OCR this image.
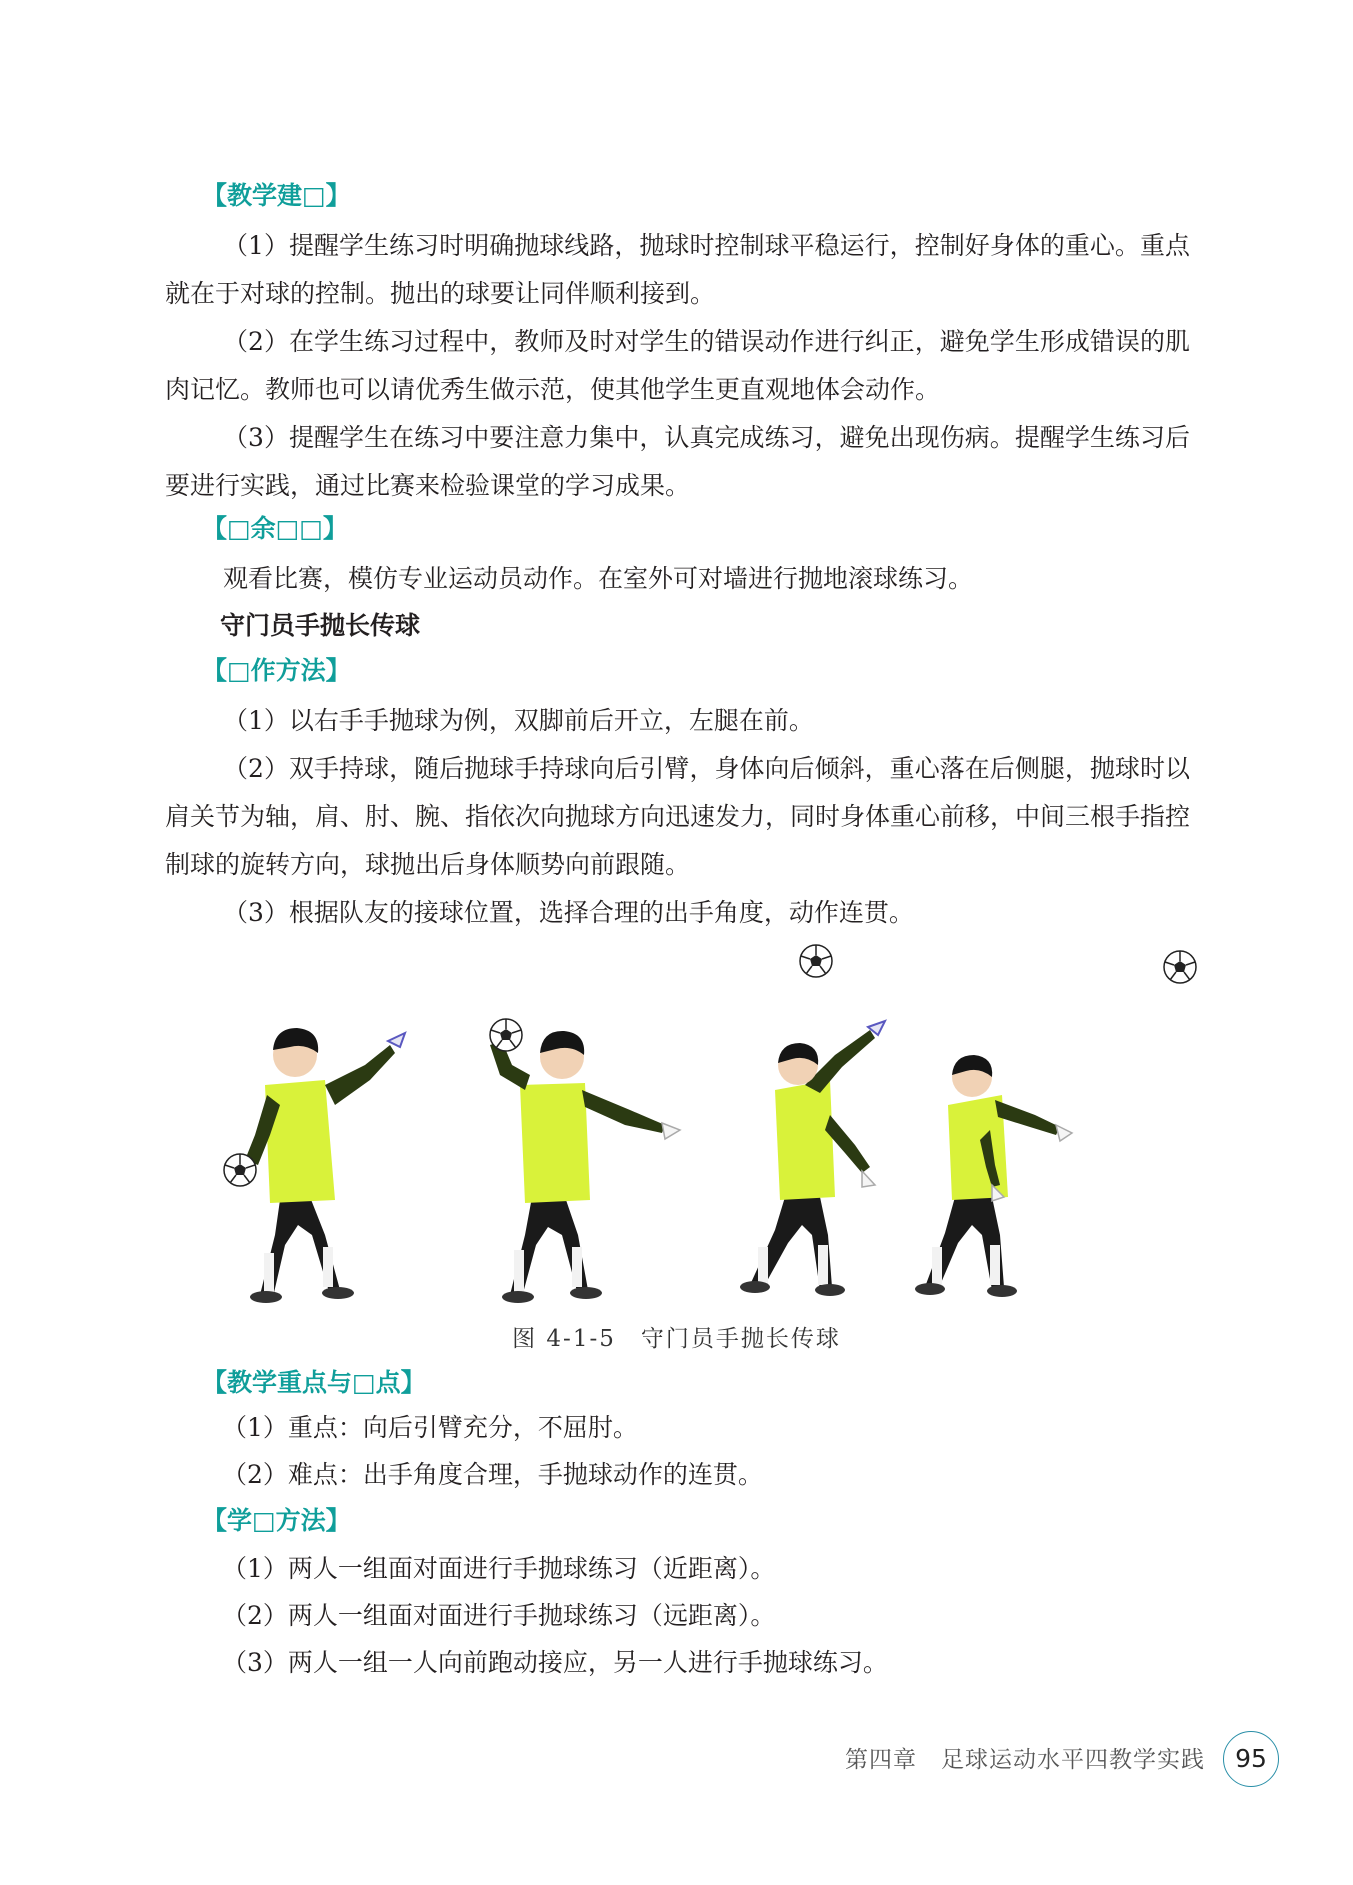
【教学建□】

（1）提醒学生练习时明确抛球线路，抛球时控制球平稳运行，控制好身体的重心。重点就在于对球的控制。抛出的球要让同伴顺利接到。

（2）在学生练习过程中，教师及时对学生的错误动作进行纠正，避免学生形成错误的肌肉记忆。教师也可以请优秀生做示范，使其他学生更直观地体会动作。

（3）提醒学生在练习中要注意力集中，认真完成练习，避免出现伤病。提醒学生练习后要进行实践，通过比赛来检验课堂的学习成果。

【□余□□】

观看比赛，模仿专业运动员动作。在室外可对墙进行抛地滚球练习。

守门员手抛长传球
【□作方法】

（1）以右手手抛球为例，双脚前后开立，左腿在前。

（2）双手持球，随后抛球手持球向后引臂，身体向后倾斜，重心落在后侧腿，抛球时以肩关节为轴，肩、肘、腕、指依次向抛球方向迅速发力，同时身体重心前移，中间三根手指控制球的旋转方向，球抛出后身体顺势向前跟随。

（3）根据队友的接球位置，选择合理的出手角度，动作连贯。

图 4-1-5　守门员手抛长传球
【教学重点与□点】

（1）重点：向后引臂充分，不屈肘。

（2）难点：出手角度合理，手抛球动作的连贯。

【学□方法】

（1）两人一组面对面进行手抛球练习（近距离）。

（2）两人一组面对面进行手抛球练习（远距离）。

（3）两人一组一人向前跑动接应，另一人进行手抛球练习。

第四章　足球运动水平四教学实践	95
